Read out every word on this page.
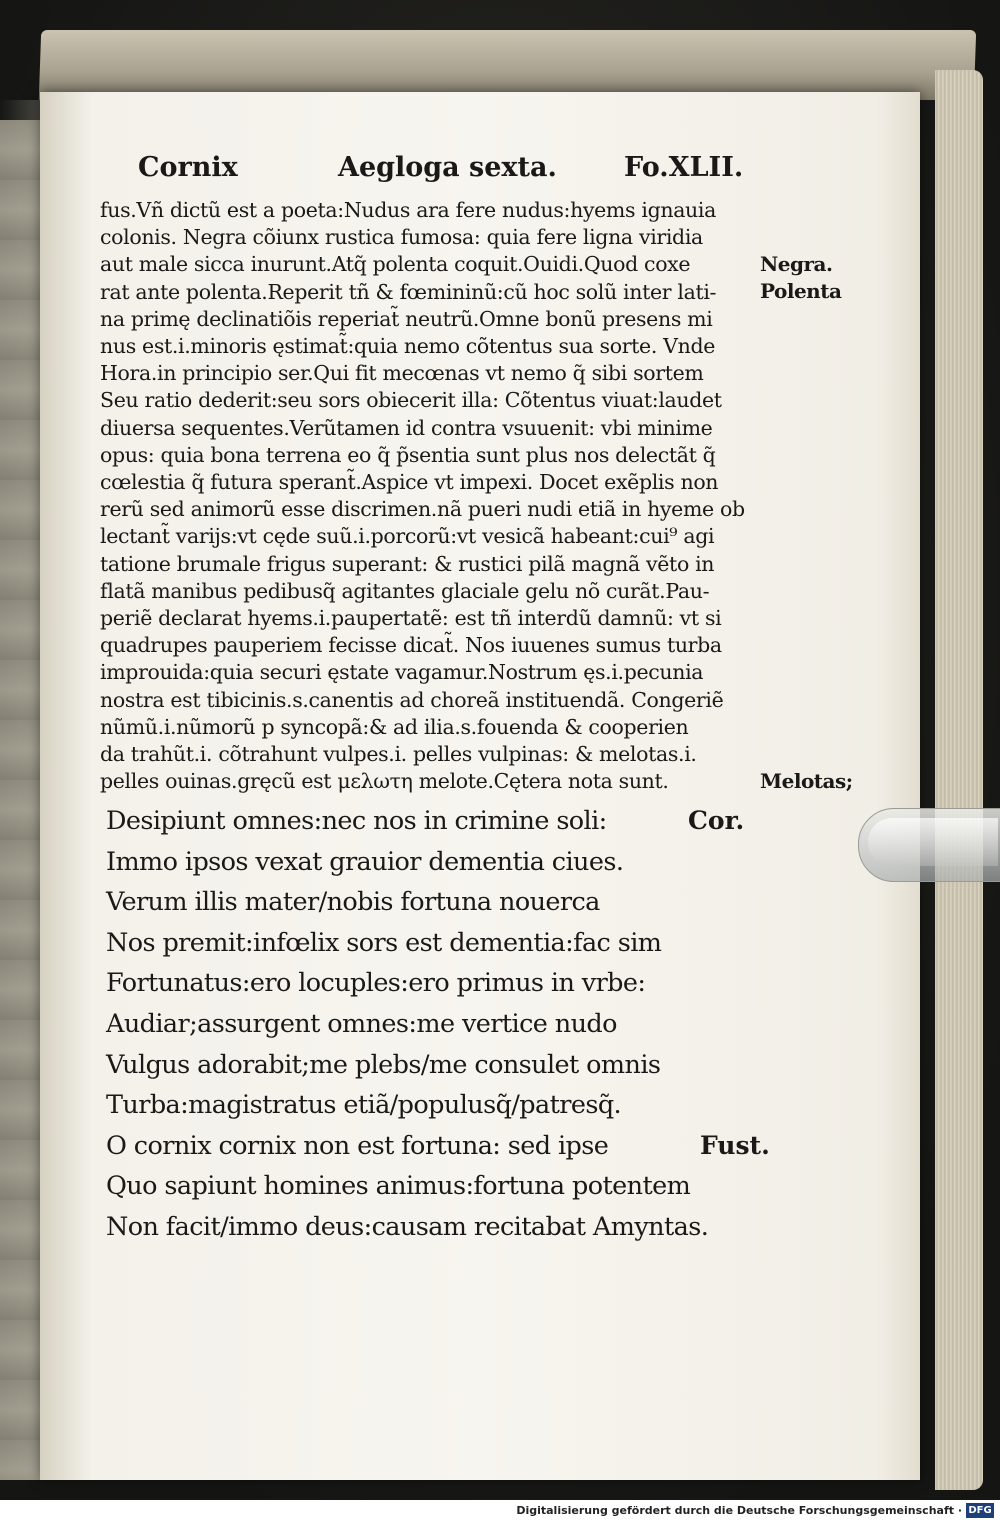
Cornix	Aegloga sexta. Fo.XLII.
fus.Vñ dictũ est a poeta:Nudus ara fere nudus:hyems ignauia
colonis. Negra cõiunx rustica fumosa: quia fere ligna viridia
aut male sicca inurunt.Atq̃ polenta coquit.Ouidi.Quod coxe
rat ante polenta.Reperit tñ & fœmininũ:cũ hoc solũ inter lati-
na primę declinatiõis reperiat̃ neutrũ.Omne bonũ presens mi
nus est.i.minoris ęstimat̃:quia nemo cõtentus sua sorte. Vnde
Hora.in principio ser.Qui fit mecœnas vt nemo q̃ sibi sortem
Seu ratio dederit:seu sors obiecerit illa: Cõtentus viuat:laudet
diuersa sequentes.Verũtamen id contra vsuuenit: vbi minime
opus: quia bona terrena eo q̃ p̃sentia sunt plus nos delectãt q̃
cœlestia q̃ futura sperant̃.Aspice vt impexi. Docet exẽplis non
rerũ sed animorũ esse discrimen.nã pueri nudi etiã in hyeme ob
lectant̃ varijs:vt cęde suũ.i.porcorũ:vt vesicã habeant:cui⁹ agi
tatione brumale frigus superant: & rustici pilã magnã vẽto in
flatã manibus pedibusq̃ agitantes glaciale gelu nõ curãt.Pau-
periẽ declarat hyems.i.paupertatẽ: est tñ interdũ damnũ: vt si
quadrupes pauperiem fecisse dicat̃. Nos iuuenes sumus turba
improuida:quia securi ęstate vagamur.Nostrum ęs.i.pecunia
nostra est tibicinis.s.canentis ad choreã instituendã. Congeriẽ
nũmũ.i.nũmorũ p syncopã:& ad ilia.s.fouenda & cooperien
da trahũt.i. cõtrahunt vulpes.i. pelles vulpinas: & melotas.i.
pelles ouinas.gręcũ est μελωτη melote.Cętera nota sunt.
Negra.
Polenta
Melotas;
Desipiunt omnes:nec nos in crimine soli:	Cor.
Immo ipsos vexat grauior dementia ciues.
Verum illis mater/nobis fortuna nouerca
Nos premit:infœlix sors est dementia:fac sim
Fortunatus:ero locuples:ero primus in vrbe:
Audiar;assurgent omnes:me vertice nudo
Vulgus adorabit;me plebs/me consulet omnis
Turba:magistratus etiã/populusq̃/patresq̃.
O cornix cornix non est fortuna: sed ipse	Fust.
Quo sapiunt homines animus:fortuna potentem
Non facit/immo deus:causam recitabat Amyntas.
Digitalisierung gefördert durch die Deutsche Forschungsgemeinschaft · DFG
